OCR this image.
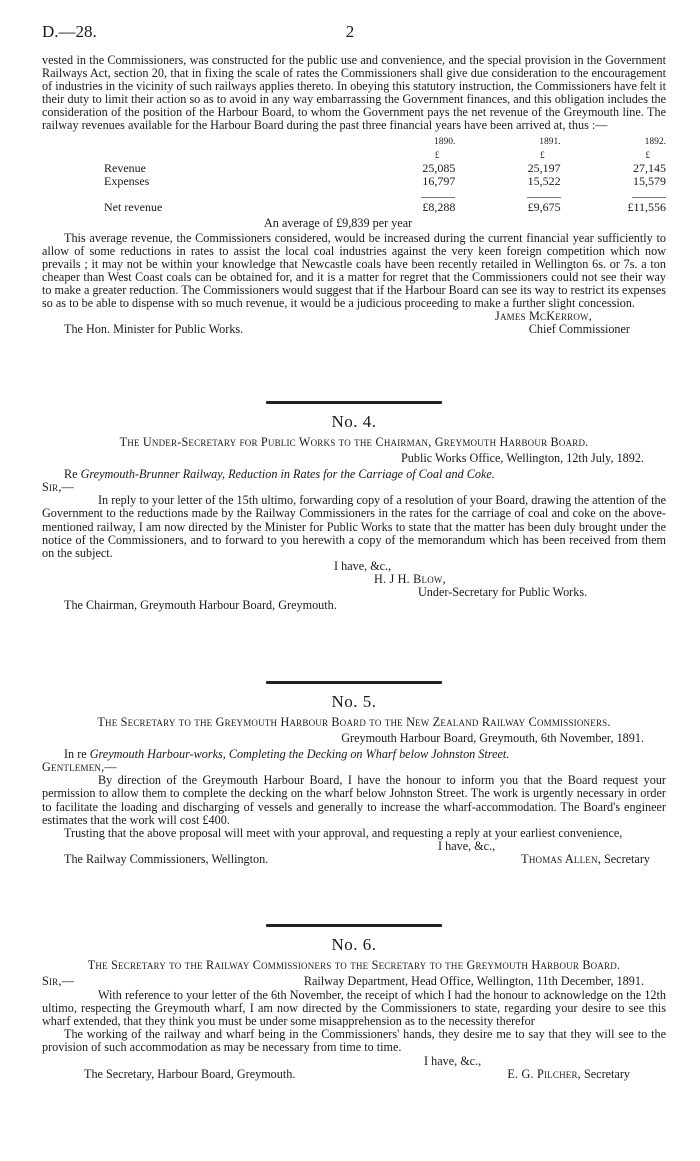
D.—28.	2

vested in the Commissioners, was constructed for the public use and convenience, and the special provision in the Government Railways Act, section 20, that in fixing the scale of rates the Commissioners shall give due consideration to the encouragement of industries in the vicinity of such railways applies thereto. In obeying this statutory instruction, the Commissioners have felt it their duty to limit their action so as to avoid in any way embarrassing the Government finances, and this obligation includes the consideration of the position of the Harbour Board, to whom the Government pays the net revenue of the Greymouth line. The railway revenues available for the Harbour Board during the past three financial years have been arrived at, thus :—

	1890.	1891.	1892.
	£	£	£
Revenue	25,085	25,197	27,145
Expenses	16,797	15,522	15,579

Net revenue	£8,288	£9,675	£11,556

An average of £9,839 per year

This average revenue, the Commissioners considered, would be increased during the current financial year sufficiently to allow of some reductions in rates to assist the local coal industries against the very keen foreign competition which now prevails ; it may not be within your knowledge that Newcastle coals have been recently retailed in Wellington 6s. or 7s. a ton cheaper than West Coast coals can be obtained for, and it is a matter for regret that the Commissioners could not see their way to make a greater reduction. The Commissioners would suggest that if the Harbour Board can see its way to restrict its expenses so as to be able to dispense with so much revenue, it would be a judicious proceeding to make a further slight concession.

James McKerrow,

The Hon. Minister for Public Works.	Chief Commissioner

No. 4.

The Under-Secretary for Public Works to the Chairman, Greymouth Harbour Board.

Public Works Office, Wellington, 12th July, 1892.

Re Greymouth-Brunner Railway, Reduction in Rates for the Carriage of Coal and Coke.

Sir,—

In reply to your letter of the 15th ultimo, forwarding copy of a resolution of your Board, drawing the attention of the Government to the reductions made by the Railway Commissioners in the rates for the carriage of coal and coke on the above-mentioned railway, I am now directed by the Minister for Public Works to state that the matter has been duly brought under the notice of the Commissioners, and to forward to you herewith a copy of the memorandum which has been received from them on the subject.

I have, &c.,

H. J H. Blow,

Under-Secretary for Public Works.

The Chairman, Greymouth Harbour Board, Greymouth.

No. 5.

The Secretary to the Greymouth Harbour Board to the New Zealand Railway Commissioners.

Greymouth Harbour Board, Greymouth, 6th November, 1891.

In re Greymouth Harbour-works, Completing the Decking on Wharf below Johnston Street.

Gentlemen,—

By direction of the Greymouth Harbour Board, I have the honour to inform you that the Board request your permission to allow them to complete the decking on the wharf below Johnston Street. The work is urgently necessary in order to facilitate the loading and discharging of vessels and generally to increase the wharf-accommodation. The Board's engineer estimates that the work will cost £400.

Trusting that the above proposal will meet with your approval, and requesting a reply at your earliest convenience,

I have, &c.,

The Railway Commissioners, Wellington.	Thomas Allen, Secretary

No. 6.

The Secretary to the Railway Commissioners to the Secretary to the Greymouth Harbour Board.

Sir,—	Railway Department, Head Office, Wellington, 11th December, 1891.

With reference to your letter of the 6th November, the receipt of which I had the honour to acknowledge on the 12th ultimo, respecting the Greymouth wharf, I am now directed by the Commissioners to state, regarding your desire to see this wharf extended, that they think you must be under some misapprehension as to the necessity therefor

The working of the railway and wharf being in the Commissioners' hands, they desire me to say that they will see to the provision of such accommodation as may be necessary from time to time.

I have, &c.,

The Secretary, Harbour Board, Greymouth.	E. G. Pilcher, Secretary
